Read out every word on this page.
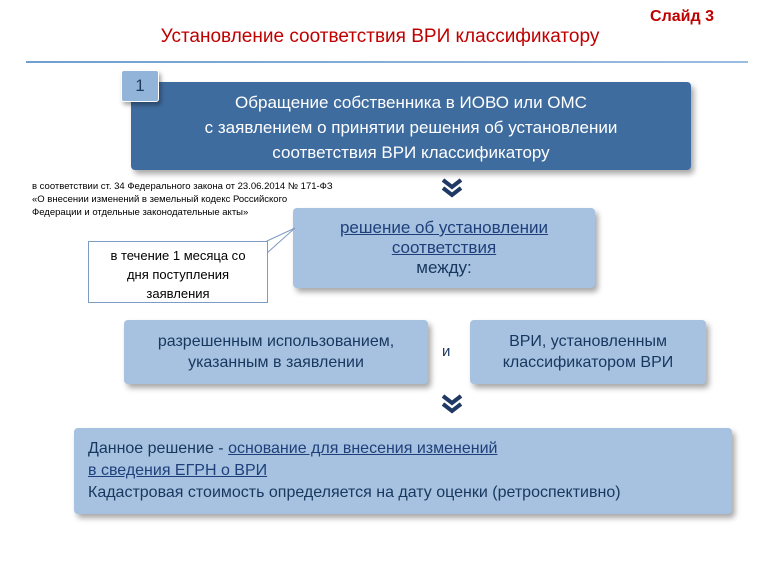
Слайд 3
Установление соответствия ВРИ классификатору
Обращение собственника в ИОВО или ОМС
с заявлением о принятии решения об установлении
соответствия ВРИ классификатору
1
в соответствии ст. 34 Федерального закона от 23.06.2014 № 171-ФЗ
«О внесении изменений в земельный кодекс Российского
Федерации и отдельные законодательные акты»
решение об установлении
соответствия
между:
в течение 1 месяца со
дня поступления
заявления
разрешенным использованием,
указанным в заявлении
и
ВРИ, установленным
классификатором ВРИ
Данное решение - основание для внесения изменений
в сведения ЕГРН о ВРИ
Кадастровая стоимость определяется на дату оценки (ретроспективно)
